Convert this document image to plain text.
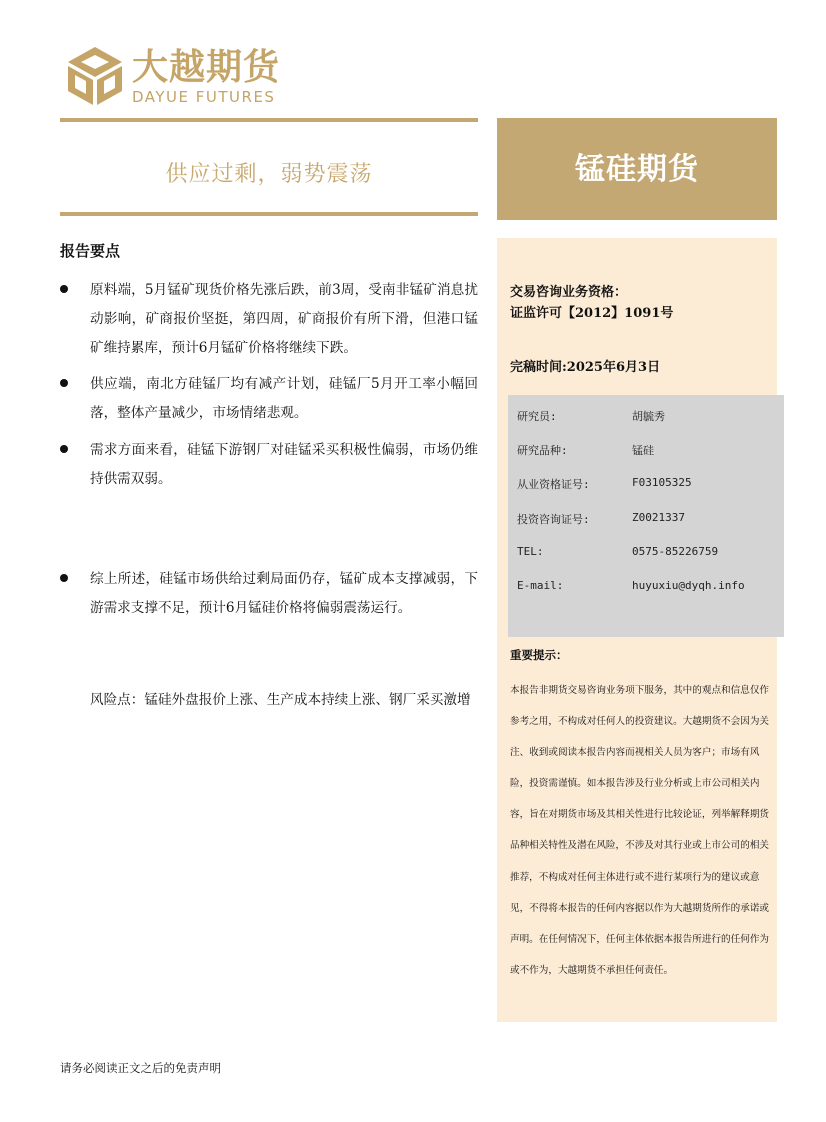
大越期货
DAYUE FUTURES
供应过剩，弱势震荡	锰硅期货
报告要点
原料端，5月锰矿现货价格先涨后跌，前3周，受南非锰矿消息扰动影响，矿商报价坚挺，第四周，矿商报价有所下滑，但港口锰矿维持累库，预计6月锰矿价格将继续下跌。
供应端，南北方硅锰厂均有减产计划，硅锰厂5月开工率小幅回落，整体产量减少，市场情绪悲观。
需求方面来看，硅锰下游钢厂对硅锰采买积极性偏弱，市场仍维持供需双弱。
综上所述，硅锰市场供给过剩局面仍存，锰矿成本支撑减弱，下游需求支撑不足，预计6月锰硅价格将偏弱震荡运行。
风险点：锰硅外盘报价上涨、生产成本持续上涨、钢厂采买激增
交易咨询业务资格：
证监许可【2012】1091号
完稿时间:2025年6月3日
研究员:	胡毓秀
研究品种:	锰硅
从业资格证号:	F03105325
投资咨询证号:	Z0021337
TEL:	0575-85226759
E-mail:	huyuxiu@dyqh.info
重要提示：
本报告非期货交易咨询业务项下服务，其中的观点和信息仅作参考之用，不构成对任何人的投资建议。大越期货不会因为关注、收到或阅读本报告内容而视相关人员为客户；市场有风险，投资需谨慎。如本报告涉及行业分析或上市公司相关内容，旨在对期货市场及其相关性进行比较论证，列举解释期货品种相关特性及潜在风险，不涉及对其行业或上市公司的相关推荐，不构成对任何主体进行或不进行某项行为的建议或意见，不得将本报告的任何内容据以作为大越期货所作的承诺或声明。在任何情况下，任何主体依据本报告所进行的任何作为或不作为，大越期货不承担任何责任。
请务必阅读正文之后的免责声明
